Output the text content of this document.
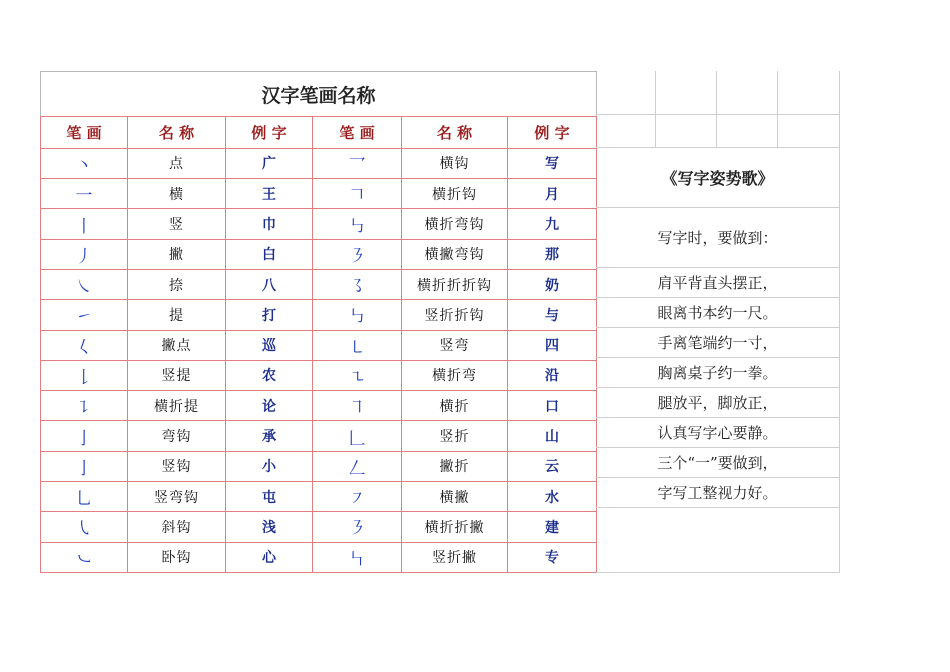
汉字笔画名称					
笔 画	名 称	例 字	笔 画	名 称	例 字
丶	点	广	乛	横钩	写
一	横	王	𠃍	横折钩	月
丨	竖	巾	㇉	横折弯钩	九
丿	撇	白	㇋	横撇弯钩	那
㇏	捺	八	㇌	横折折折钩	奶
㇀	提	打	㇉	竖折折钩	与
𡿨	撇点	巡	㇄	竖弯	四
𠄌	竖提	农	㇍	横折弯	沿
㇊	横折提	论	㇕	横折	口
亅	弯钩	承	𠃊	竖折	山
亅	竖钩	小	𠃋	撇折	云
乚	竖弯钩	屯	㇇	横撇	水
㇂	斜钩	浅	㇋	横折折撇	建
㇃	卧钩	心	㇞	竖折撇	专
《写字姿势歌》
写字时，要做到：
肩平背直头摆正，
眼离书本约一尺。
手离笔端约一寸，
胸离桌子约一拳。
腿放平，脚放正，
认真写字心要静。
三个“一”要做到，
字写工整视力好。
